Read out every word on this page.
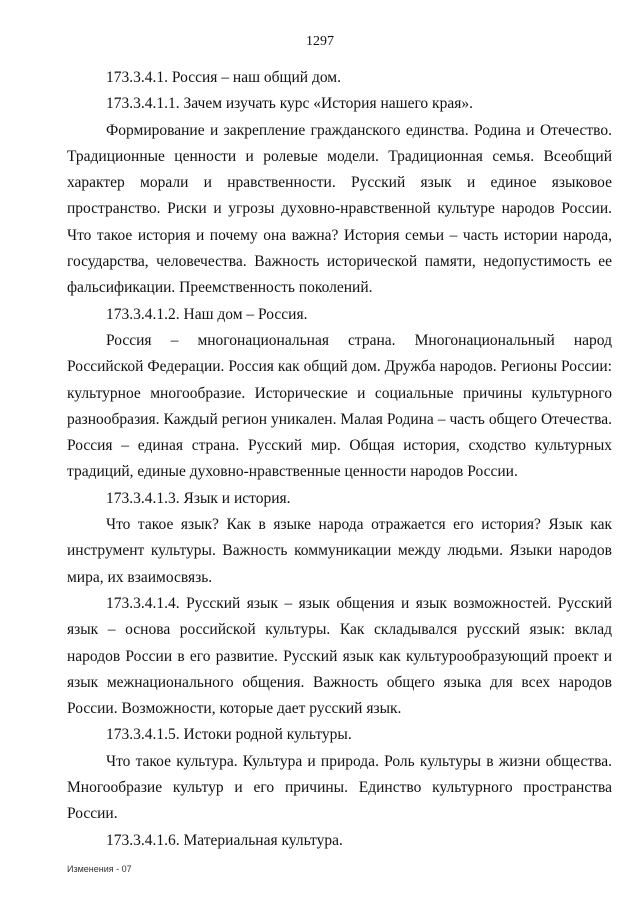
1297

173.3.4.1. Россия – наш общий дом.

173.3.4.1.1. Зачем изучать курс «История нашего края».

Формирование и закрепление гражданского единства. Родина и Отечество. Традиционные ценности и ролевые модели. Традиционная семья. Всеобщий характер морали и нравственности. Русский язык и единое языковое пространство. Риски и угрозы духовно-нравственной культуре народов России. Что такое история и почему она важна? История семьи – часть истории народа, государства, человечества. Важность исторической памяти, недопустимость ее фальсификации. Преемственность поколений.

173.3.4.1.2. Наш дом – Россия.

Россия – многонациональная страна. Многонациональный народ Российской Федерации. Россия как общий дом. Дружба народов. Регионы России: культурное многообразие. Исторические и социальные причины культурного разнообразия. Каждый регион уникален. Малая Родина – часть общего Отечества. Россия – единая страна. Русский мир. Общая история, сходство культурных традиций, единые духовно-нравственные ценности народов России.

173.3.4.1.3. Язык и история.

Что такое язык? Как в языке народа отражается его история? Язык как инструмент культуры. Важность коммуникации между людьми. Языки народов мира, их взаимосвязь.

173.3.4.1.4. Русский язык – язык общения и язык возможностей. Русский язык – основа российской культуры. Как складывался русский язык: вклад народов России в его развитие. Русский язык как культурообразующий проект и язык межнационального общения. Важность общего языка для всех народов России. Возможности, которые дает русский язык.

173.3.4.1.5. Истоки родной культуры.

Что такое культура. Культура и природа. Роль культуры в жизни общества. Многообразие культур и его причины. Единство культурного пространства России.

173.3.4.1.6. Материальная культура.

Изменения - 07
